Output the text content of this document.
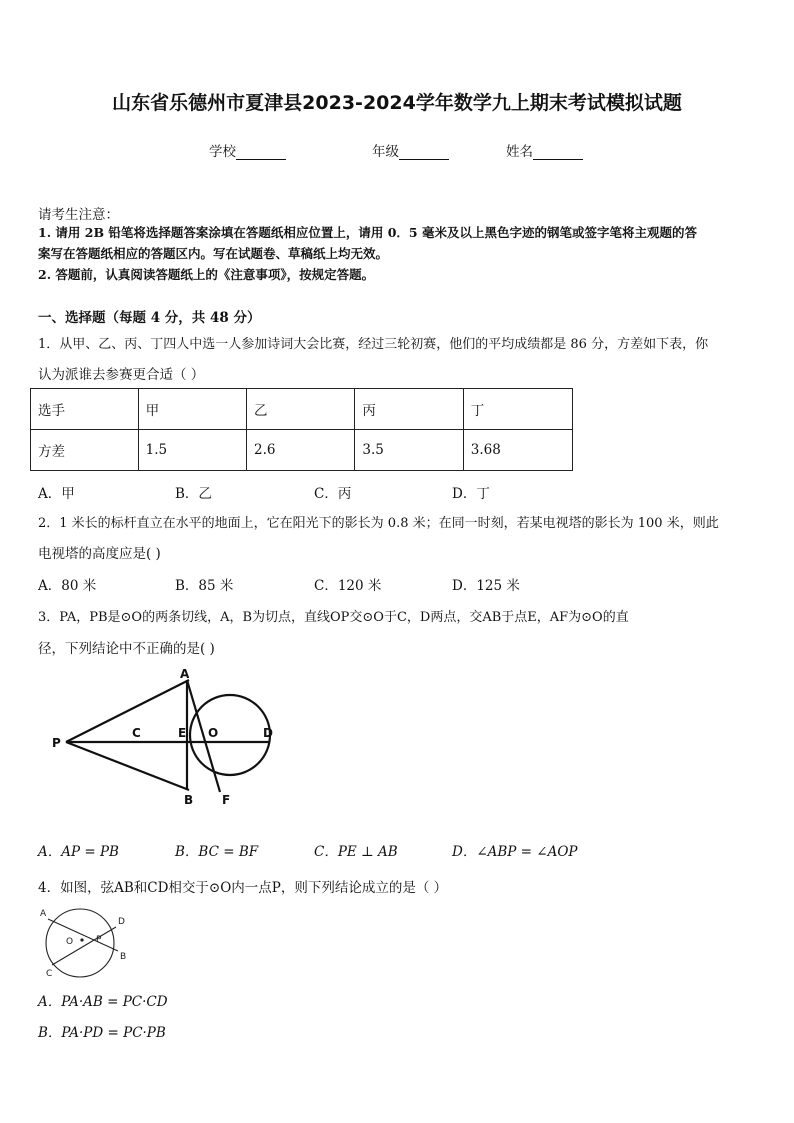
山东省乐德州市夏津县2023-2024学年数学九上期末考试模拟试题
学校	年级	姓名
请考生注意：
1. 请用 2B 铅笔将选择题答案涂填在答题纸相应位置上，请用 0．5 毫米及以上黑色字迹的钢笔或签字笔将主观题的答
案写在答题纸相应的答题区内。写在试题卷、草稿纸上均无效。
2. 答题前，认真阅读答题纸上的《注意事项》，按规定答题。
一、选择题（每题 4 分，共 48 分）
1．从甲、乙、丙、丁四人中选一人参加诗词大会比赛，经过三轮初赛，他们的平均成绩都是 86 分，方差如下表，你
认为派谁去参赛更合适（ ）
选手	甲	乙	丙	丁
方差	1.5	2.6	3.5	3.68
A．甲	B．乙	C．丙	D．丁
2．1 米长的标杆直立在水平的地面上，它在阳光下的影长为 0.8 米；在同一时刻，若某电视塔的影长为 100 米，则此
电视塔的高度应是( )
A．80 米	B．85 米	C．120 米	D．125 米
3．PA，PB是⊙O的两条切线，A，B为切点，直线OP交⊙O于C，D两点，交AB于点E，AF为⊙O的直
径，下列结论中不正确的是( )
A
P
C	E O	D
B F
A．AP = PB	B．BC = BF	C．PE ⊥ AB	D．∠ABP = ∠AOP
4．如图，弦AB和CD相交于⊙O内一点P，则下列结论成立的是（ ）
A
D
O	P
B
C
A．PA·AB = PC·CD
B．PA·PD = PC·PB
